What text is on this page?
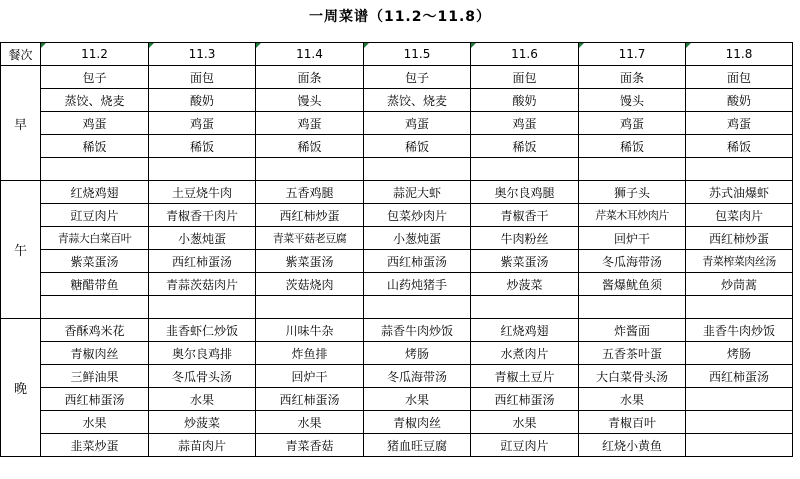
一周菜谱（11.2～11.8）
餐次	11.2	11.3	11.4	11.5	11.6	11.7	11.8
早	包子	面包	面条	包子	面包	面条	面包
	蒸饺、烧麦	酸奶	馒头	蒸饺、烧麦	酸奶	馒头	酸奶
	鸡蛋	鸡蛋	鸡蛋	鸡蛋	鸡蛋	鸡蛋	鸡蛋
	稀饭	稀饭	稀饭	稀饭	稀饭	稀饭	稀饭

午	红烧鸡翅	土豆烧牛肉	五香鸡腿	蒜泥大虾	奥尔良鸡腿	狮子头	苏式油爆虾
	豇豆肉片	青椒香干肉片	西红柿炒蛋	包菜炒肉片	青椒香干	芹菜木耳炒肉片	包菜肉片
	青蒜大白菜百叶	小葱炖蛋	青菜平菇老豆腐	小葱炖蛋	牛肉粉丝	回炉干	西红柿炒蛋
	紫菜蛋汤	西红柿蛋汤	紫菜蛋汤	西红柿蛋汤	紫菜蛋汤	冬瓜海带汤	青菜榨菜肉丝汤
	糖醋带鱼	青蒜茨菇肉片	茨菇烧肉	山药炖猪手	炒菠菜	酱爆鱿鱼须	炒茼蒿

晚	香酥鸡米花	韭香虾仁炒饭	川味牛杂	蒜香牛肉炒饭	红烧鸡翅	炸酱面	韭香牛肉炒饭
	青椒肉丝	奥尔良鸡排	炸鱼排	烤肠	水煮肉片	五香茶叶蛋	烤肠
	三鲜油果	冬瓜骨头汤	回炉干	冬瓜海带汤	青椒土豆片	大白菜骨头汤	西红柿蛋汤
	西红柿蛋汤	水果	西红柿蛋汤	水果	西红柿蛋汤	水果	
	水果	炒菠菜	水果	青椒肉丝	水果	青椒百叶	
	韭菜炒蛋	蒜苗肉片	青菜香菇	猪血旺豆腐	豇豆肉片	红烧小黄鱼	
